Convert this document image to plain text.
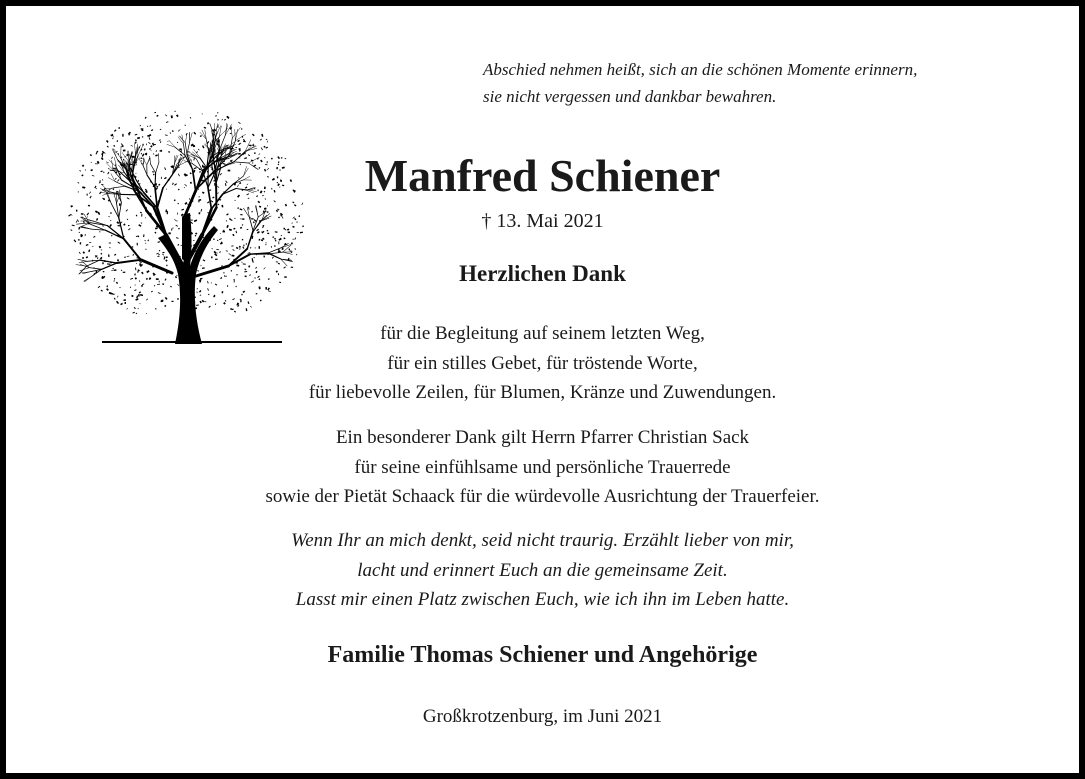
Abschied nehmen heißt, sich an die schönen Momente erinnern,
sie nicht vergessen und dankbar bewahren.
Manfred Schiener
† 13. Mai 2021
Herzlichen Dank
für die Begleitung auf seinem letzten Weg,
für ein stilles Gebet, für tröstende Worte,
für liebevolle Zeilen, für Blumen, Kränze und Zuwendungen.
Ein besonderer Dank gilt Herrn Pfarrer Christian Sack
für seine einfühlsame und persönliche Trauerrede
sowie der Pietät Schaack für die würdevolle Ausrichtung der Trauerfeier.
Wenn Ihr an mich denkt, seid nicht traurig. Erzählt lieber von mir,
lacht und erinnert Euch an die gemeinsame Zeit.
Lasst mir einen Platz zwischen Euch, wie ich ihn im Leben hatte.
Familie Thomas Schiener und Angehörige
Großkrotzenburg, im Juni 2021
